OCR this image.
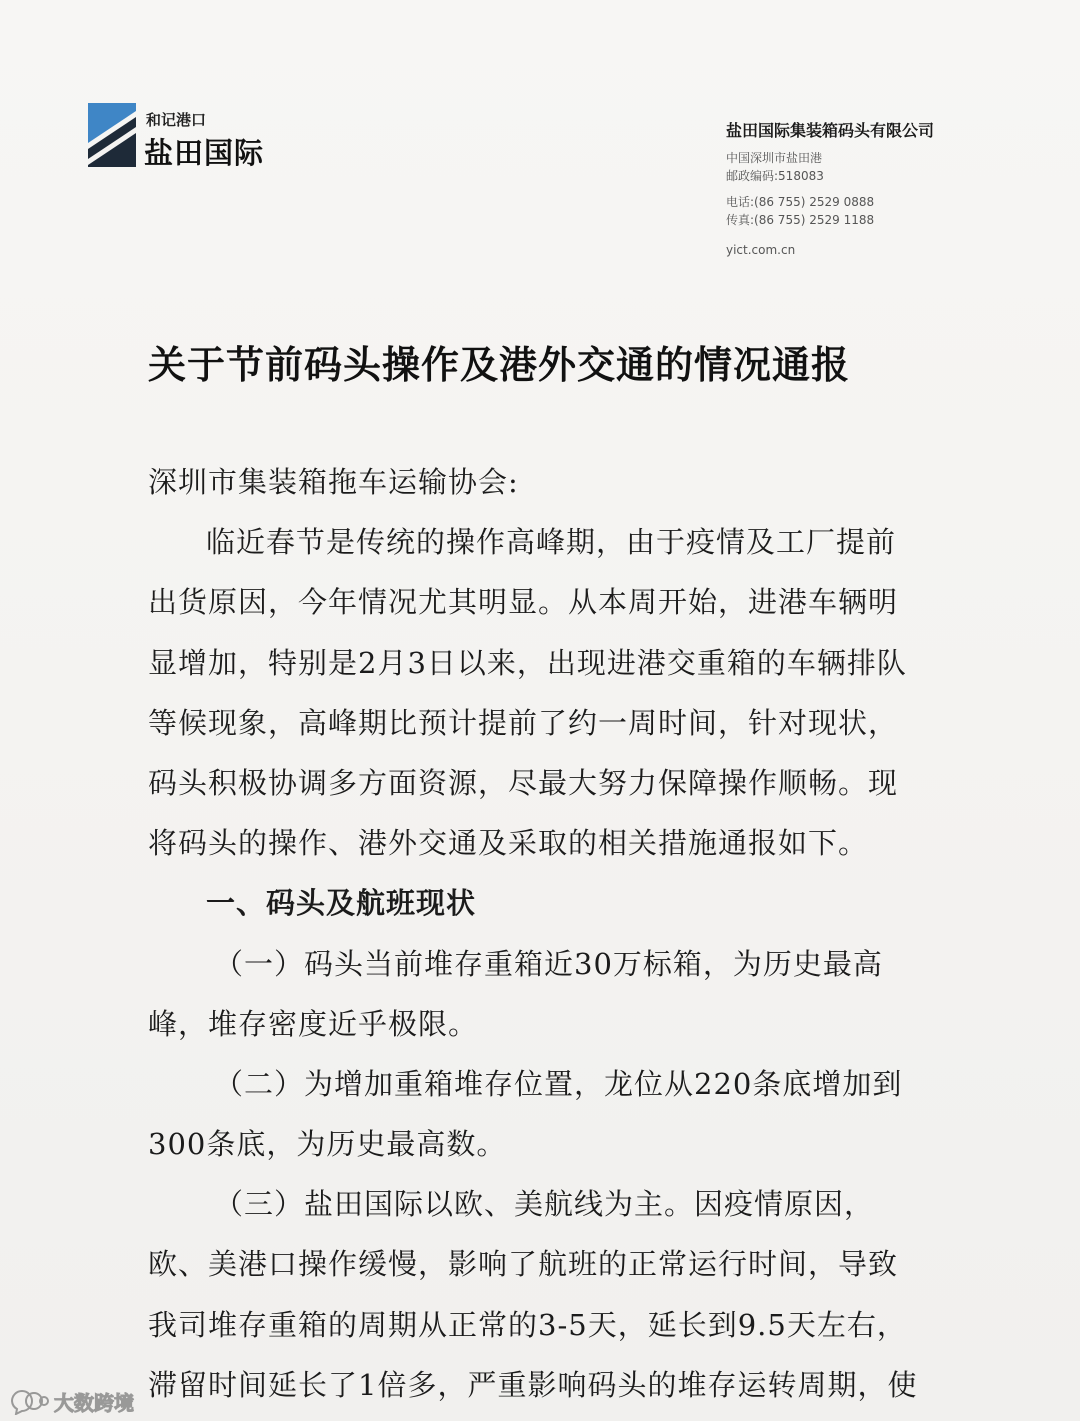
和记港口
盐田国际
盐田国际集装箱码头有限公司
中国深圳市盐田港
邮政编码:518083
电话:(86 755) 2529 0888
传真:(86 755) 2529 1188
yict.com.cn
关于节前码头操作及港外交通的情况通报
深圳市集装箱拖车运输协会:
临近春节是传统的操作高峰期，由于疫情及工厂提前
出货原因，今年情况尤其明显。从本周开始，进港车辆明
显增加，特别是2月3日以来，出现进港交重箱的车辆排队
等候现象，高峰期比预计提前了约一周时间，针对现状，
码头积极协调多方面资源，尽最大努力保障操作顺畅。现
将码头的操作、港外交通及采取的相关措施通报如下。
一、码头及航班现状
（一）码头当前堆存重箱近30万标箱，为历史最高
峰，堆存密度近乎极限。
（二）为增加重箱堆存位置，龙位从220条底增加到
300条底，为历史最高数。
（三）盐田国际以欧、美航线为主。因疫情原因，
欧、美港口操作缓慢，影响了航班的正常运行时间，导致
我司堆存重箱的周期从正常的3-5天，延长到9.5天左右，
滞留时间延长了1倍多，严重影响码头的堆存运转周期，使
大数跨境
